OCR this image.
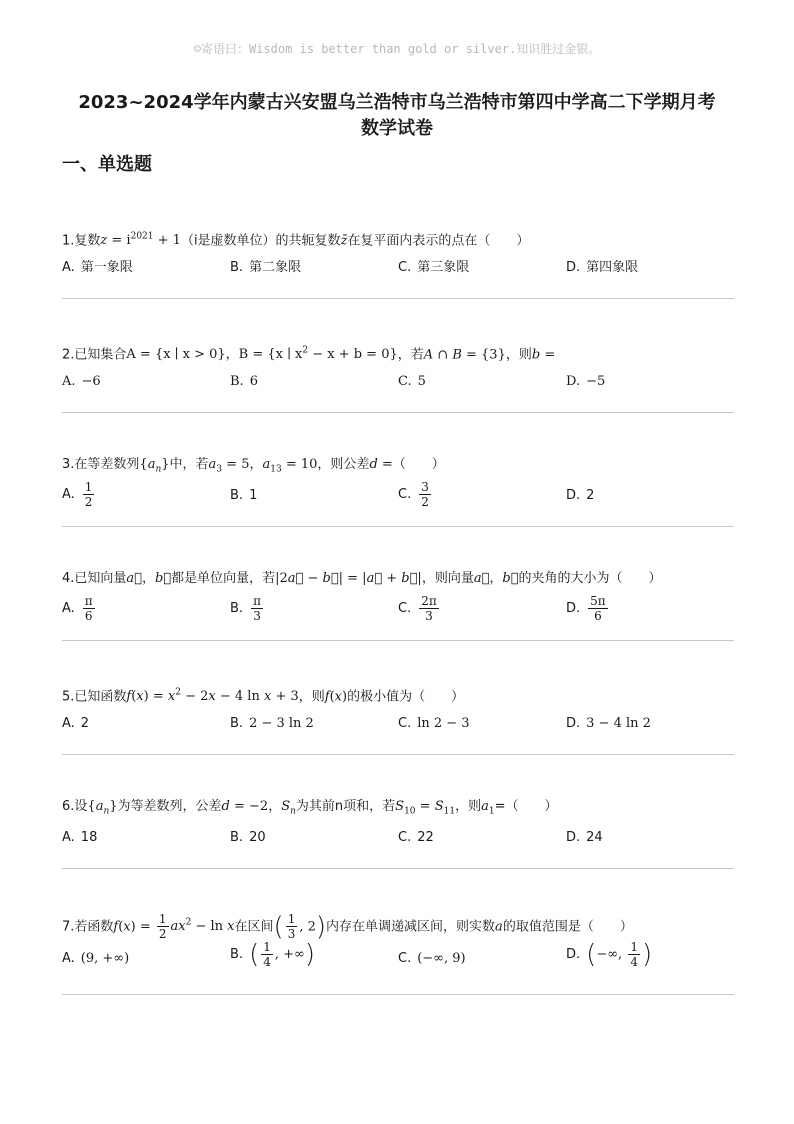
☺寄语曰：Wisdom is better than gold or silver.知识胜过金银。
2023~2024学年内蒙古兴安盟乌兰浩特市乌兰浩特市第四中学高二下学期月考
数学试卷
一、单选题
1.复数$z = i^{2021} + 1(i$是虚数单位）的共轭复数z̄在复平面内表示的点在（　　）
A. 第一象限	B. 第二象限	C. 第三象限	D. 第四象限
2.已知集合A = {x ∣ x > 0}，B = {x ∣ $x^2 - x + b = 0$}，若A ∩ B = {3}，则b =
A. −6	B. 6	C. 5	D. −5
3.在等差数列$\{a_n\}$中，若$a_3 = 5$，$a_{13} = 10$，则公差d =（　　）
A. $\frac{1}{2}$	B. 1	C. $\frac{3}{2}$	D. 2
4.已知向量a⃗，b⃗都是单位向量，若|2a⃗ − b⃗| = |a⃗ + b⃗|，则向量a⃗，b⃗的夹角的大小为（　　）
A. $\frac{\pi}{6}$	B. $\frac{\pi}{3}$	C. $\frac{2\pi}{3}$	D. $\frac{5\pi}{6}$
5.已知函数$f(x) = x^2 - 2x - 4$ ln x + 3，则f(x)的极小值为（　　）
A. 2	B. 2 − 3 ln 2	C. ln 2 − 3	D. 3 − 4 ln 2
6.设$\{a_n\}$为等差数列，公差d = −2，$S_n$为其前n项和，若$S_{10} = S_{11}$，则$a_1=$（　　）
A. 18	B. 20	C. 22	D. 24
7.若函数$f(x) = \frac{1}{2} ax^2 - \ln x$在区间( $\frac{1}{3}$ , 2)内存在单调递减区间，则实数a的取值范围是（　　）
A. (9, +∞)	B. ( $\frac{1}{4}$ , +∞)	C. (−∞, 9)	D. (−∞, $\frac{1}{4}$ )
